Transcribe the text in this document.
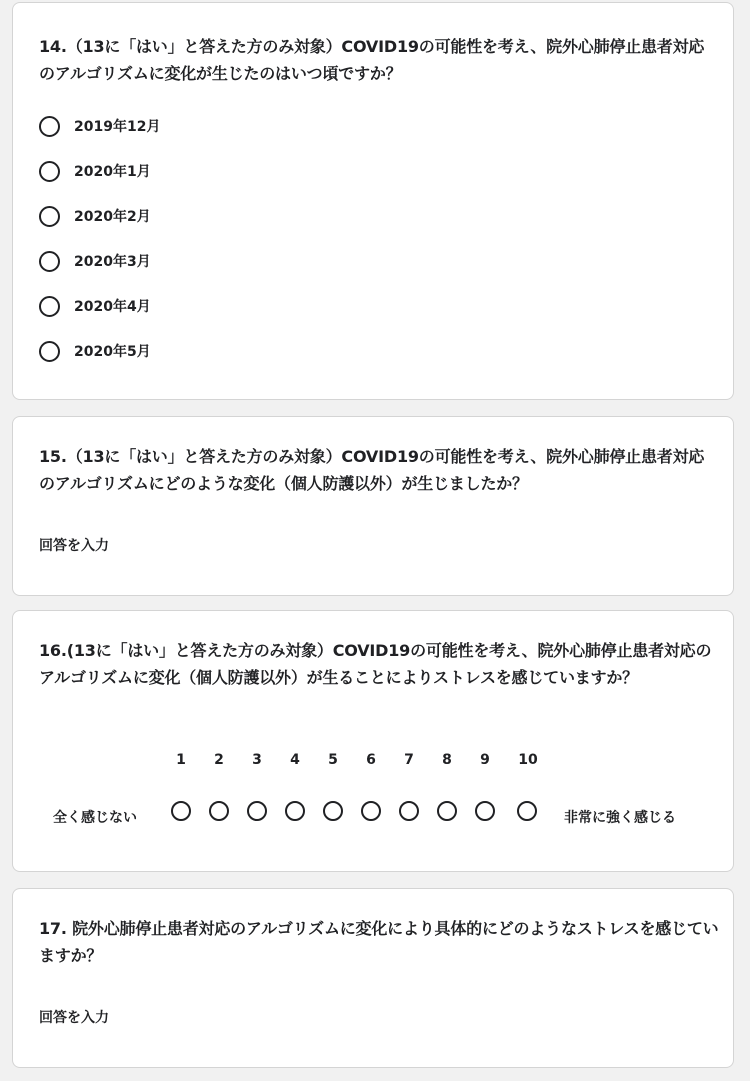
14.（13に「はい」と答えた方のみ対象）COVID19の可能性を考え、院外心肺停止患者対応のアルゴリズムに変化が生じたのはいつ頃ですか？
2019年12月
2020年1月
2020年2月
2020年3月
2020年4月
2020年5月
15.（13に「はい」と答えた方のみ対象）COVID19の可能性を考え、院外心肺停止患者対応のアルゴリズムにどのような変化（個人防護以外）が生じましたか？
回答を入力
16.(13に「はい」と答えた方のみ対象）COVID19の可能性を考え、院外心肺停止患者対応のアルゴリズムに変化（個人防護以外）が生ることによりストレスを感じていますか？
1	2	3	4	5	6	7	8	9	10
全く感じない	非常に強く感じる
17. 院外心肺停止患者対応のアルゴリズムに変化により具体的にどのようなストレスを感じていますか？
回答を入力
